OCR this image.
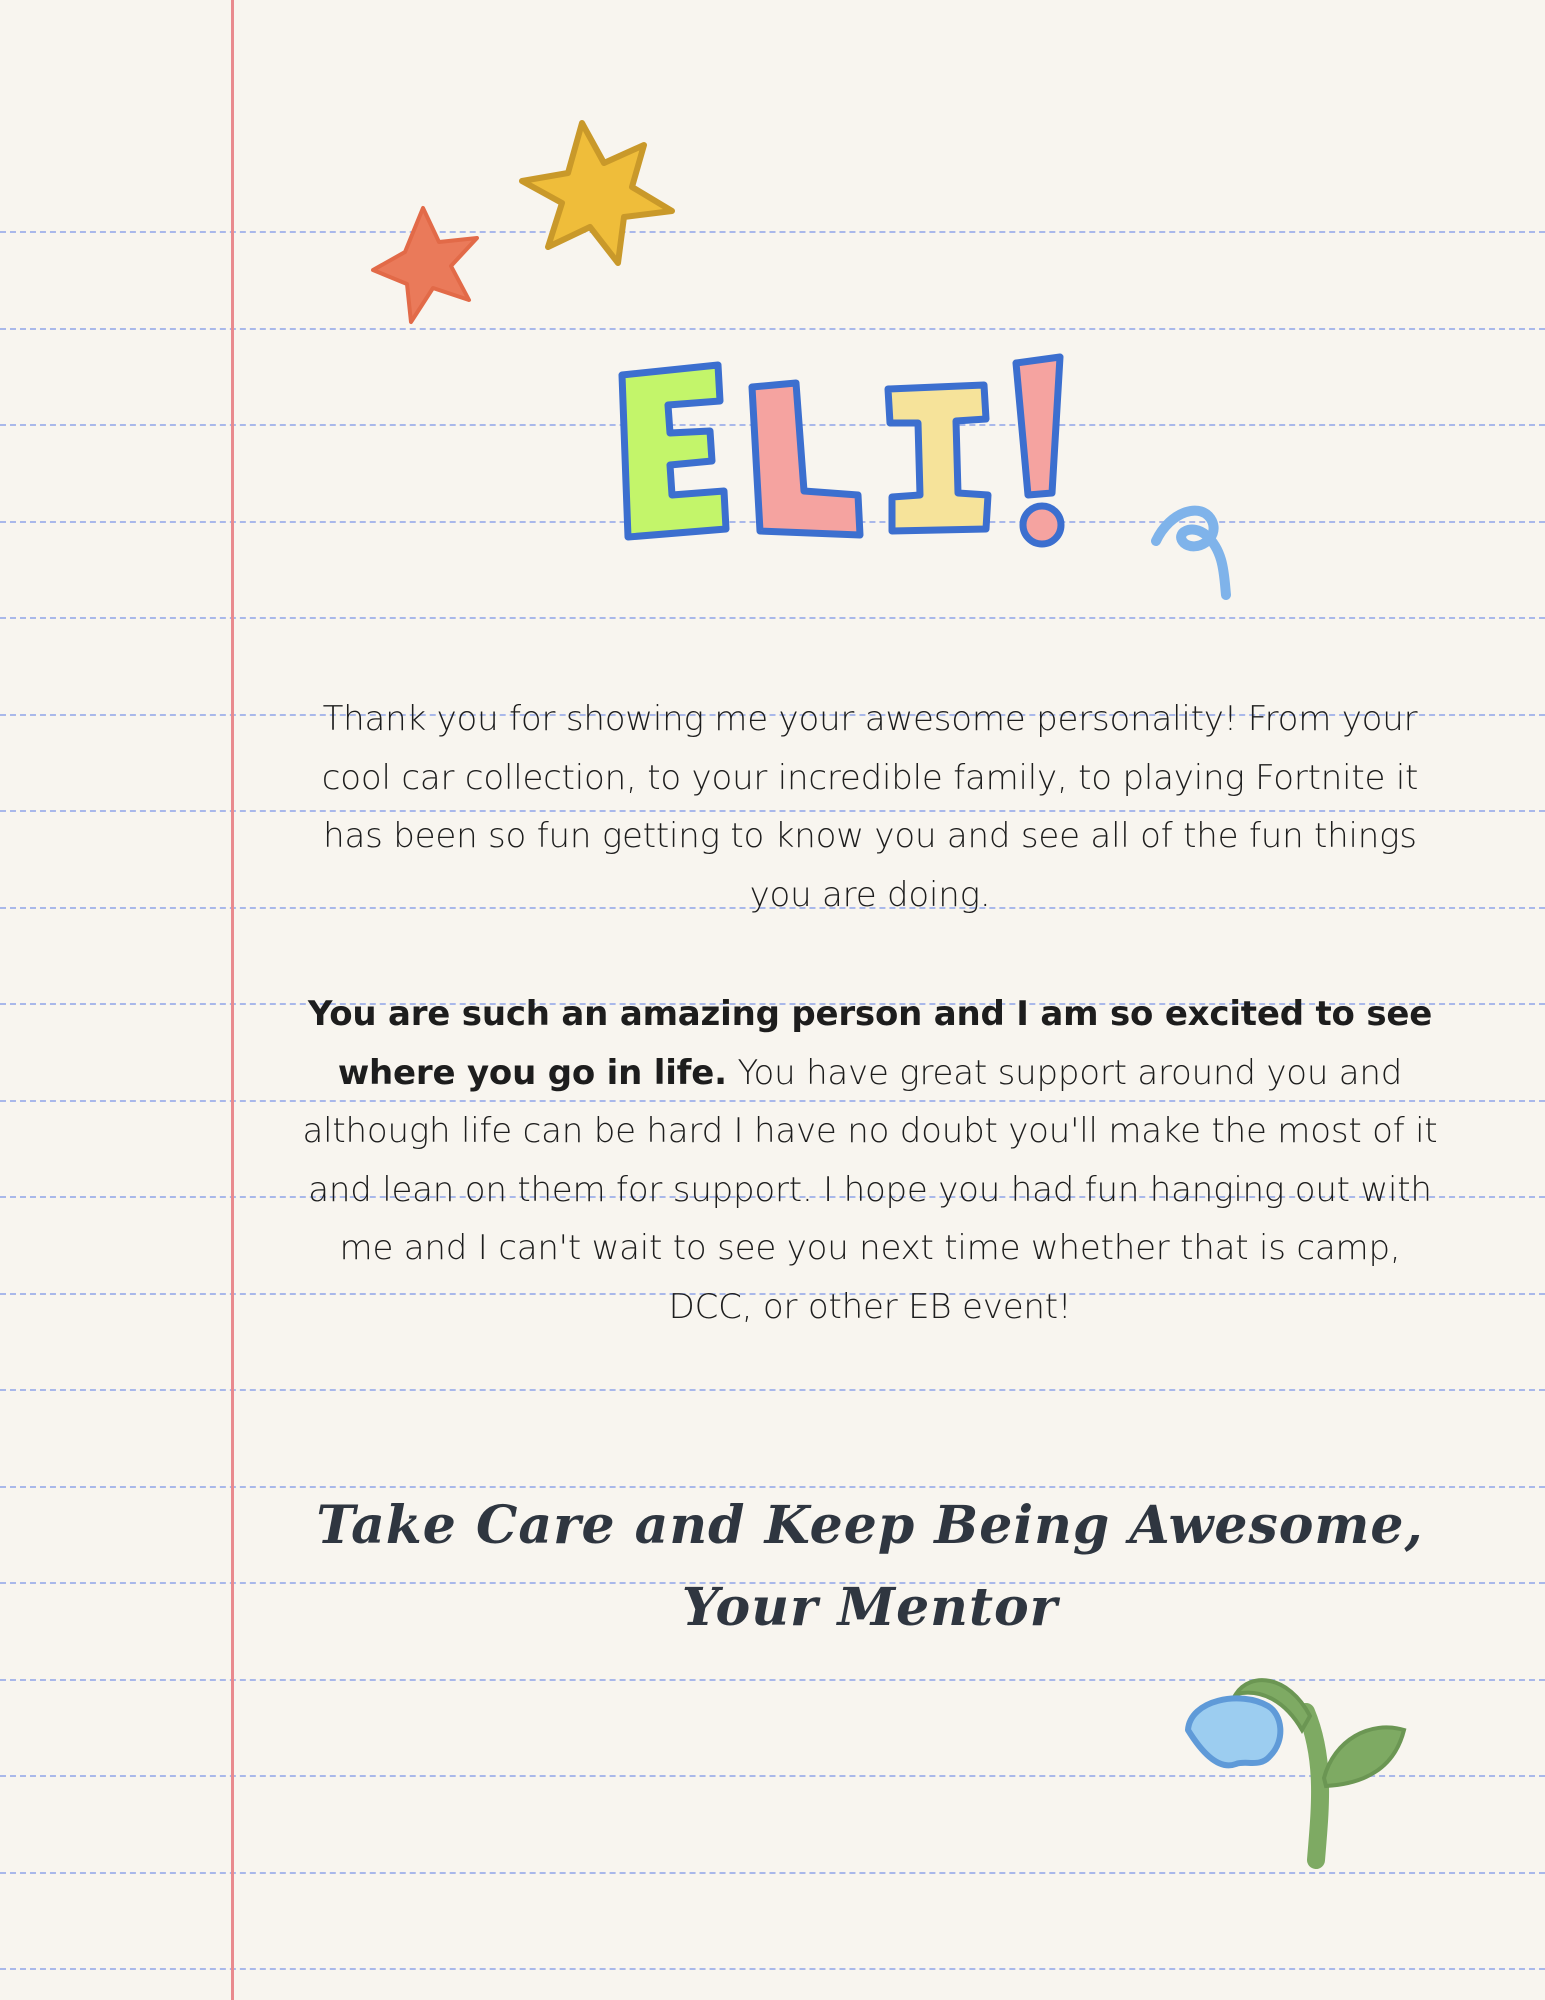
Thank you for showing me your awesome personality! From your cool car collection, to your incredible family, to playing Fortnite it has been so fun getting to know you and see all of the fun things you are doing.
You are such an amazing person and I am so excited to see where you go in life. You have great support around you and although life can be hard I have no doubt you'll make the most of it and lean on them for support. I hope you had fun hanging out with me and I can't wait to see you next time whether that is camp, DCC, or other EB event!
Take Care and Keep Being Awesome,
Your Mentor
